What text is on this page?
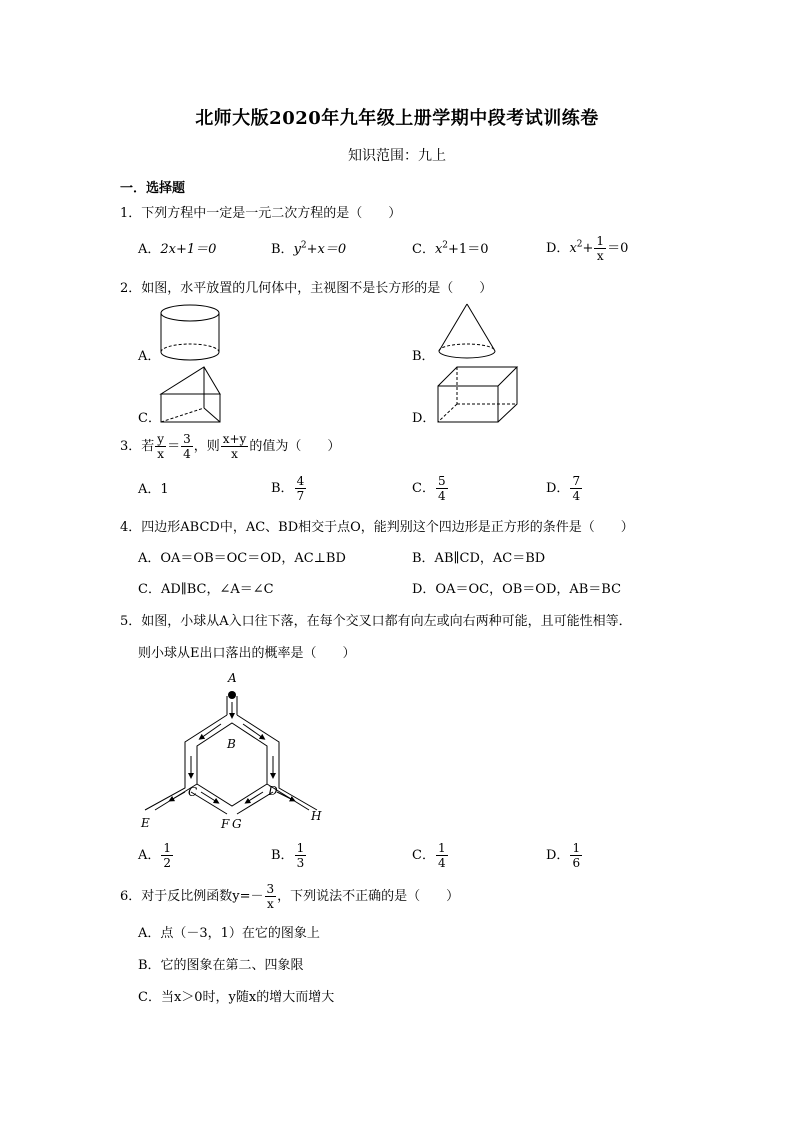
北师大版2020年九年级上册学期中段考试训练卷
知识范围：九上
一．选择题
1．下列方程中一定是一元二次方程的是（　　）
A．2x+1＝0	B．$y^2+x=0$	C．$x^2+1=0$	D．$x^2+ \frac{1}{x} =0$
2．如图，水平放置的几何体中，主视图不是长方形的是（　　）
A．	B．
C．	D．
3．若 $\frac{y}{x} = \frac{3}{4}$ ，则 $\frac{x+y}{x}$ 的值为（　　）
A．1	B． $\frac{4}{7}$	C． $\frac{5}{4}$	D． $\frac{7}{4}$
4．四边形ABCD中，AC、BD相交于点O，能判别这个四边形是正方形的条件是（　　）
A．OA＝OB＝OC＝OD，AC⊥BD	B．AB∥CD，AC＝BD
C．AD∥BC，∠A＝∠C	D．OA＝OC，OB＝OD，AB＝BC
5．如图，小球从A入口往下落，在每个交叉口都有向左或向右两种可能，且可能性相等．
则小球从E出口落出的概率是（　　）
A
B
C	D
E	F G
H
A． $\frac{1}{2}$	B． $\frac{1}{3}$	C． $\frac{1}{4}$	D． $\frac{1}{6}$
6．对于反比例函数$y=- \frac{3}{x}$ ，下列说法不正确的是（　　）
A．点（－3，1）在它的图象上
B．它的图象在第二、四象限
C．当x＞0时，y随x的增大而增大
